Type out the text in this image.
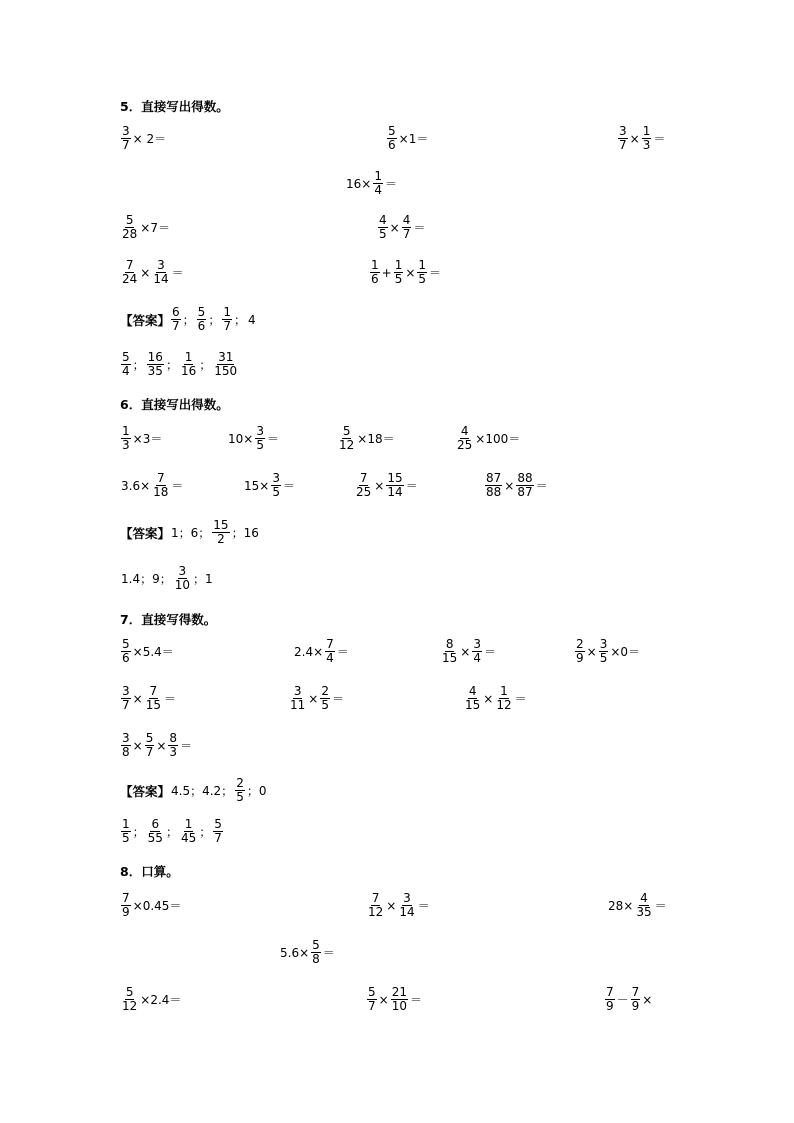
5．直接写出得数。
$\frac{3}{7} \times 2=$	$\frac{5}{6} \times 1=$	$\frac{3}{7} \times \frac{1}{3}$ ＝
$16\times \frac{1}{4}$ ＝
$\frac{5}{28} \times 7=$	$\frac{4}{5} \times \frac{4}{7}$ ＝
$\frac{7}{24} \times \frac{3}{14}$ ＝	$\frac{1}{6} + \frac{1}{5} \times \frac{1}{5}$ ＝
【答案】 $\frac{6}{7}$ ； $\frac{5}{6}$ ； $\frac{1}{7}$ ； 4
$\frac{5}{4}$ ； $\frac{16}{35}$ ； $\frac{1}{16}$ ； $\frac{31}{150}$
6．直接写出得数。
$\frac{1}{3} \times 3=$	$10\times \frac{3}{5}$ ＝	$\frac{5}{12} \times 18=$	$\frac{4}{25} \times 100=$
$3.6\times \frac{7}{18}$ ＝	$15\times \frac{3}{5}$ ＝	$\frac{7}{25} \times \frac{15}{14}$ ＝	$\frac{87}{88} \times \frac{88}{87}$ ＝
【答案】 1；6； $\frac{15}{2}$ ；16
1.4；9； $\frac{3}{10}$ ；1
7．直接写得数。
$\frac{5}{6} \times 5.4=$	$2.4\times \frac{7}{4}$ ＝	$\frac{8}{15} \times \frac{3}{4}$ ＝	$\frac{2}{9} \times \frac{3}{5} \times 0=$
$\frac{3}{7} \times \frac{7}{15}$ ＝	$\frac{3}{11} \times \frac{2}{5}$ ＝	$\frac{4}{15} \times \frac{1}{12}$ ＝
$\frac{3}{8} \times \frac{5}{7} \times \frac{8}{3}$ ＝
【答案】 4.5；4.2； $\frac{2}{5}$ ；0
$\frac{1}{5}$ ； $\frac{6}{55}$ ； $\frac{1}{45}$ ； $\frac{5}{7}$
8．口算。
$\frac{7}{9} \times 0.45=$	$\frac{7}{12} \times \frac{3}{14}$ ＝	$28\times \frac{4}{35}$ ＝
$5.6\times \frac{5}{8}$ ＝
$\frac{5}{12} \times 2.4=$	$\frac{5}{7} \times \frac{21}{10}$ ＝	$\frac{7}{9} - \frac{7}{9}$ ×
